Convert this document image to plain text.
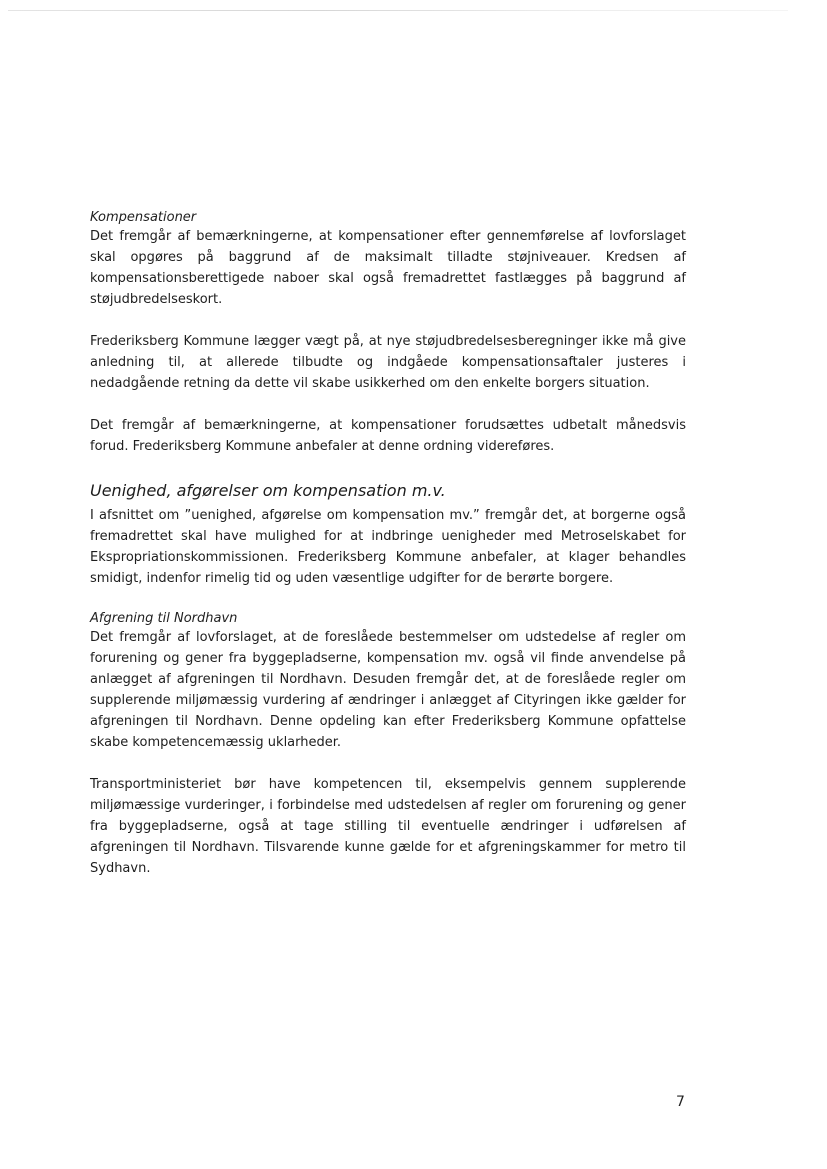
Kompensationer

Det fremgår af bemærkningerne, at kompensationer efter gennemførelse af lovforslaget skal opgøres på baggrund af de maksimalt tilladte støjniveauer. Kredsen af kompensationsberettigede naboer skal også fremadrettet fastlægges på baggrund af støjudbredelseskort.

Frederiksberg Kommune lægger vægt på, at nye støjudbredelsesberegninger ikke må give anledning til, at allerede tilbudte og indgåede kompensationsaftaler justeres i nedadgående retning da dette vil skabe usikkerhed om den enkelte borgers situation.

Det fremgår af bemærkningerne, at kompensationer forudsættes udbetalt månedsvis forud. Frederiksberg Kommune anbefaler at denne ordning videreføres.

Uenighed, afgørelser om kompensation m.v.

I afsnittet om ”uenighed, afgørelse om kompensation mv.” fremgår det, at borgerne også fremadrettet skal have mulighed for at indbringe uenigheder med Metroselskabet for Ekspropriationskommissionen. Frederiksberg Kommune anbefaler, at klager behandles smidigt, indenfor rimelig tid og uden væsentlige udgifter for de berørte borgere.

Afgrening til Nordhavn

Det fremgår af lovforslaget, at de foreslåede bestemmelser om udstedelse af regler om forurening og gener fra byggepladserne, kompensation mv. også vil finde anvendelse på anlægget af afgreningen til Nordhavn. Desuden fremgår det, at de foreslåede regler om supplerende miljømæssig vurdering af ændringer i anlægget af Cityringen ikke gælder for afgreningen til Nordhavn. Denne opdeling kan efter Frederiksberg Kommune opfattelse skabe kompetencemæssig uklarheder.

Transportministeriet bør have kompetencen til, eksempelvis gennem supplerende miljømæssige vurderinger, i forbindelse med udstedelsen af regler om forurening og gener fra byggepladserne, også at tage stilling til eventuelle ændringer i udførelsen af afgreningen til Nordhavn. Tilsvarende kunne gælde for et afgreningskammer for metro til Sydhavn.

7
